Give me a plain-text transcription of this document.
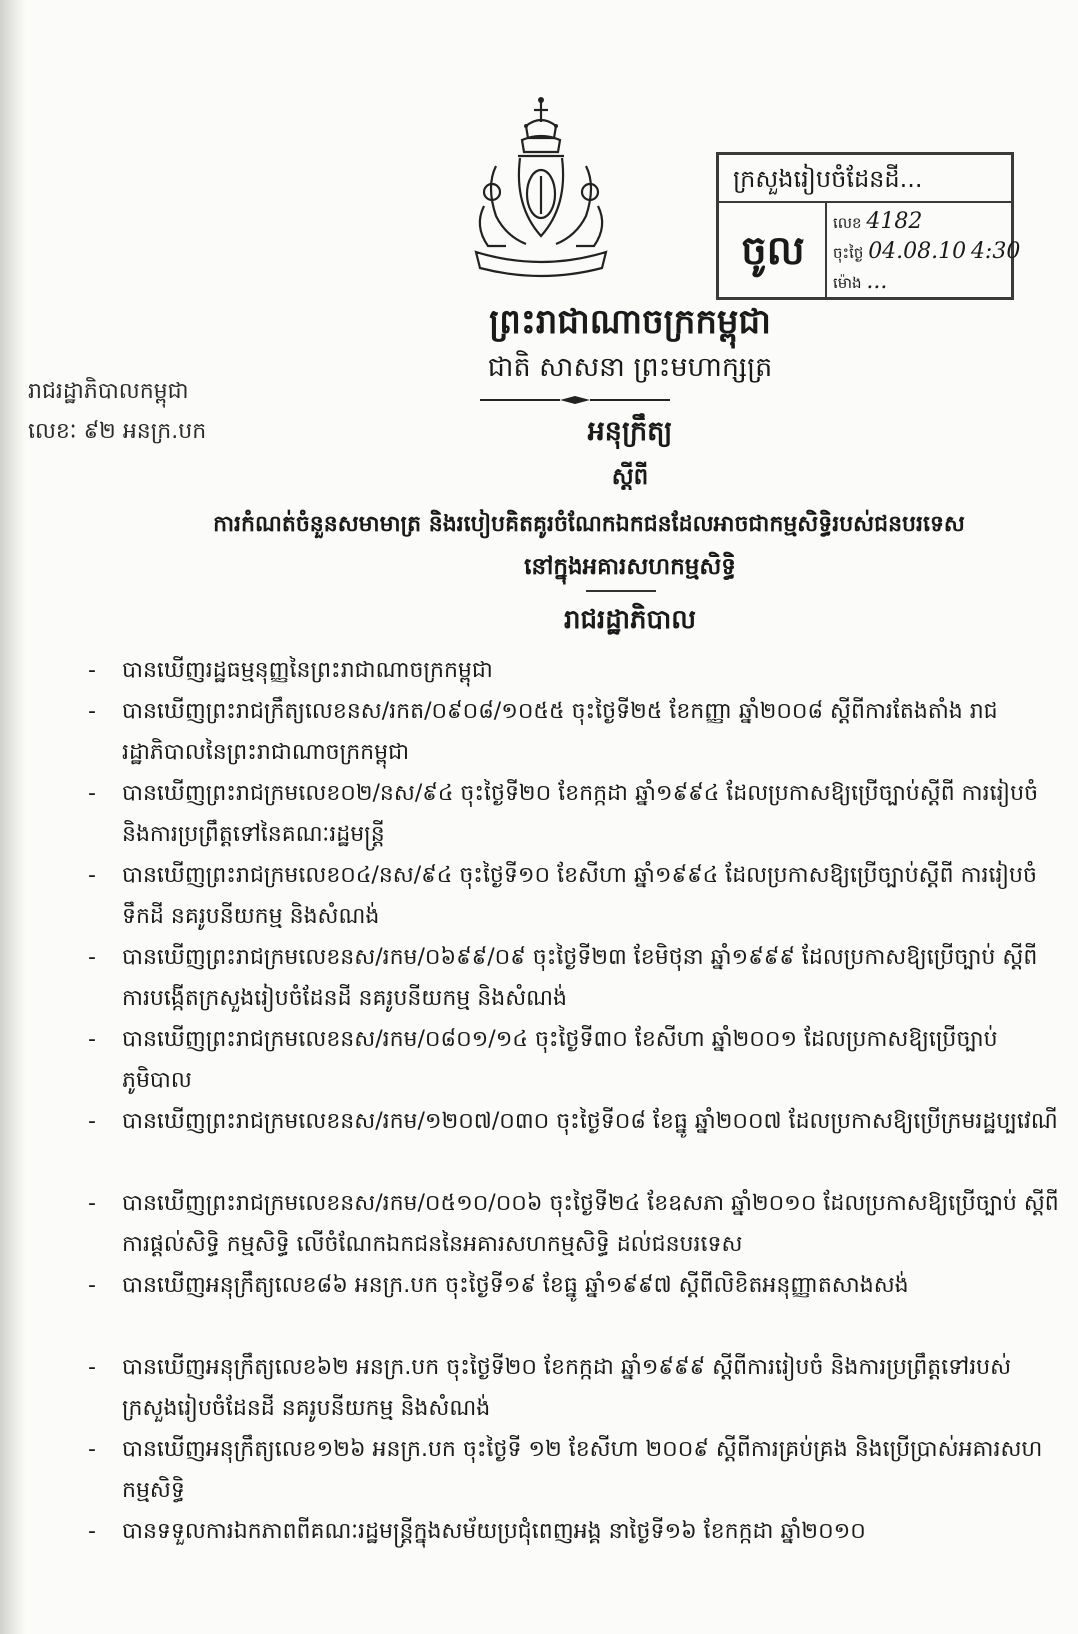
ក្រសួងរៀបចំដែនដី...
ចូល
លេខ 4182
ចុះថ្ងៃ 04.08.10 4:30
ម៉ោង ...
រាជរដ្ឋាភិបាលកម្ពុជា
លេខៈ ៩២ អនក្រ.បក
ព្រះរាជាណាចក្រកម្ពុជា
ជាតិ សាសនា ព្រះមហាក្សត្រ
អនុក្រឹត្យ
ស្តីពី
ការកំណត់ចំនួនសមាមាត្រ និងរបៀបគិតគូរចំណែកឯកជនដែលអាចជាកម្មសិទ្ធិរបស់ជនបរទេស
នៅក្នុងអគារសហកម្មសិទ្ធិ
រាជរដ្ឋាភិបាល
- បានឃើញរដ្ឋធម្មនុញ្ញនៃព្រះរាជាណាចក្រកម្ពុជា
- បានឃើញព្រះរាជក្រឹត្យលេខនស/រកត/០៩០៨/១០៥៥ ចុះថ្ងៃទី២៥ ខែកញ្ញា ឆ្នាំ២០០៨ ស្តីពីការតែងតាំង រាជរដ្ឋាភិបាលនៃព្រះរាជាណាចក្រកម្ពុជា
- បានឃើញព្រះរាជក្រមលេខ០២/នស/៩៤ ចុះថ្ងៃទី២០ ខែកក្កដា ឆ្នាំ១៩៩៤ ដែលប្រកាសឱ្យប្រើច្បាប់ស្តីពី ការរៀបចំ និងការប្រព្រឹត្តទៅនៃគណៈរដ្ឋមន្ត្រី
- បានឃើញព្រះរាជក្រមលេខ០៤/នស/៩៤ ចុះថ្ងៃទី១០ ខែសីហា ឆ្នាំ១៩៩៤ ដែលប្រកាសឱ្យប្រើច្បាប់ស្តីពី ការរៀបចំទឹកដី នគរូបនីយកម្ម និងសំណង់
- បានឃើញព្រះរាជក្រមលេខនស/រកម/០៦៩៩/០៩ ចុះថ្ងៃទី២៣ ខែមិថុនា ឆ្នាំ១៩៩៩ ដែលប្រកាសឱ្យប្រើច្បាប់ ស្តីពីការបង្កើតក្រសួងរៀបចំដែនដី នគរូបនីយកម្ម និងសំណង់
- បានឃើញព្រះរាជក្រមលេខនស/រកម/០៨០១/១៤ ចុះថ្ងៃទី៣០ ខែសីហា ឆ្នាំ២០០១ ដែលប្រកាសឱ្យប្រើច្បាប់ភូមិបាល
- បានឃើញព្រះរាជក្រមលេខនស/រកម/១២០៧/០៣០ ចុះថ្ងៃទី០៨ ខែធ្នូ ឆ្នាំ២០០៧ ដែលប្រកាសឱ្យប្រើក្រមរដ្ឋប្បវេណី
- បានឃើញព្រះរាជក្រមលេខនស/រកម/០៥១០/០០៦ ចុះថ្ងៃទី២៤ ខែឧសភា ឆ្នាំ២០១០ ដែលប្រកាសឱ្យប្រើច្បាប់ ស្តីពីការផ្តល់សិទ្ធិ កម្មសិទ្ធិ លើចំណែកឯកជននៃអគារសហកម្មសិទ្ធិ ដល់ជនបរទេស
- បានឃើញអនុក្រឹត្យលេខ៨៦ អនក្រ.បក ចុះថ្ងៃទី១៩ ខែធ្នូ ឆ្នាំ១៩៩៧ ស្តីពីលិខិតអនុញ្ញាតសាងសង់
- បានឃើញអនុក្រឹត្យលេខ៦២ អនក្រ.បក ចុះថ្ងៃទី២០ ខែកក្កដា ឆ្នាំ១៩៩៩ ស្តីពីការរៀបចំ និងការប្រព្រឹត្តទៅរបស់ក្រសួងរៀបចំដែនដី នគរូបនីយកម្ម និងសំណង់
- បានឃើញអនុក្រឹត្យលេខ១២៦ អនក្រ.បក ចុះថ្ងៃទី ១២ ខែសីហា ២០០៩ ស្តីពីការគ្រប់គ្រង និងប្រើប្រាស់អគារសហកម្មសិទ្ធិ
- បានទទួលការឯកភាពពីគណៈរដ្ឋមន្ត្រីក្នុងសម័យប្រជុំពេញអង្គ នាថ្ងៃទី១៦ ខែកក្កដា ឆ្នាំ២០១០
